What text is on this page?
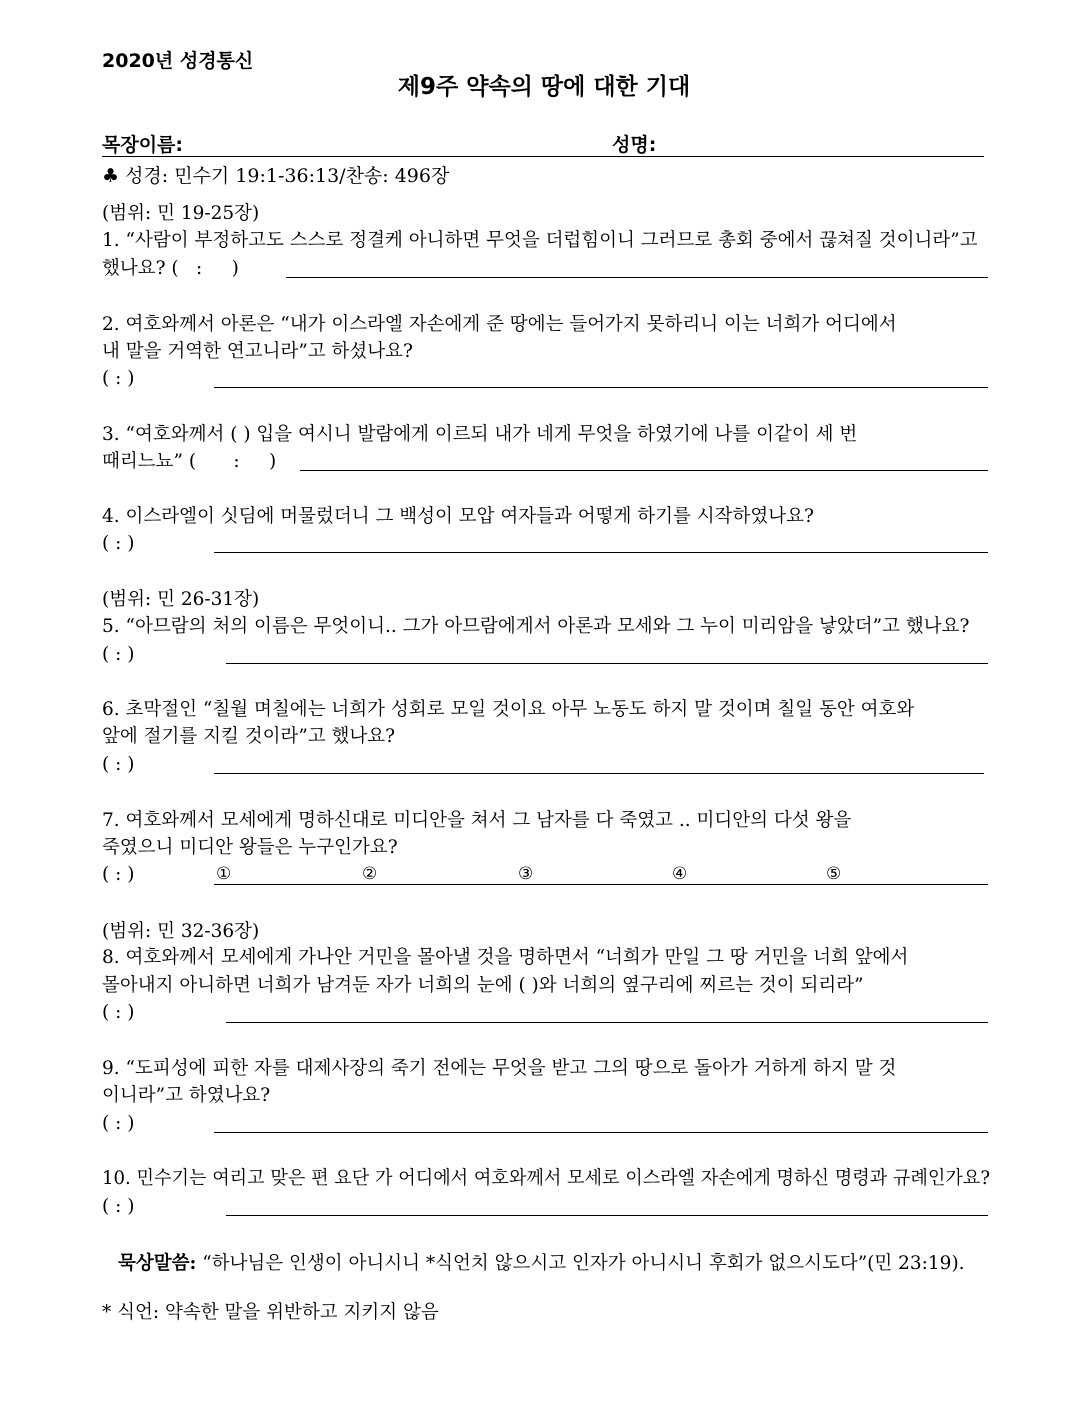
2020년 성경통신
제9주 약속의 땅에 대한 기대
목장이름:	성명:
♣ 성경: 민수기 19:1-36:13/찬송: 496장
(범위: 민 19-25장)
1. “사람이 부정하고도 스스로 정결케 아니하면 무엇을 더럽힘이니 그러므로 총회 중에서 끊쳐질 것이니라”고
했나요? ( :     )
2. 여호와께서 아론은 “내가 이스라엘 자손에게 준 땅에는 들어가지 못하리니 이는 너희가 어디에서
내 말을 거역한 연고니라”고 하셨나요?
( : )
3. “여호와께서 ( ) 입을 여시니 발람에게 이르되 내가 네게 무엇을 하였기에 나를 이같이 세 번
때리느뇨” ( :     )
4. 이스라엘이 싯딤에 머물렀더니 그 백성이 모압 여자들과 어떻게 하기를 시작하였나요?
( : )
(범위: 민 26-31장)
5. “아므람의 처의 이름은 무엇이니.. 그가 아므람에게서 아론과 모세와 그 누이 미리암을 낳았더”고 했나요?
( : )
6. 초막절인 “칠월 며칠에는 너희가 성회로 모일 것이요 아무 노동도 하지 말 것이며 칠일 동안 여호와
앞에 절기를 지킬 것이라”고 했나요?
( : )
7. 여호와께서 모세에게 명하신대로 미디안을 쳐서 그 남자를 다 죽였고 .. 미디안의 다섯 왕을
죽였으니 미디안 왕들은 누구인가요?
( : )	①	②	③	④	⑤
(범위: 민 32-36장)
8. 여호와께서 모세에게 가나안 거민을 몰아낼 것을 명하면서 “너희가 만일 그 땅 거민을 너희 앞에서
몰아내지 아니하면 너희가 남겨둔 자가 너희의 눈에 ( )와 너희의 옆구리에 찌르는 것이 되리라”
( : )
9. “도피성에 피한 자를 대제사장의 죽기 전에는 무엇을 받고 그의 땅으로 돌아가 거하게 하지 말 것
이니라”고 하였나요?
( : )
10. 민수기는 여리고 맞은 편 요단 가 어디에서 여호와께서 모세로 이스라엘 자손에게 명하신 명령과 규례인가요?
( : )
묵상말씀: “하나님은 인생이 아니시니 *식언치 않으시고 인자가 아니시니 후회가 없으시도다”(민 23:19).
* 식언: 약속한 말을 위반하고 지키지 않음
